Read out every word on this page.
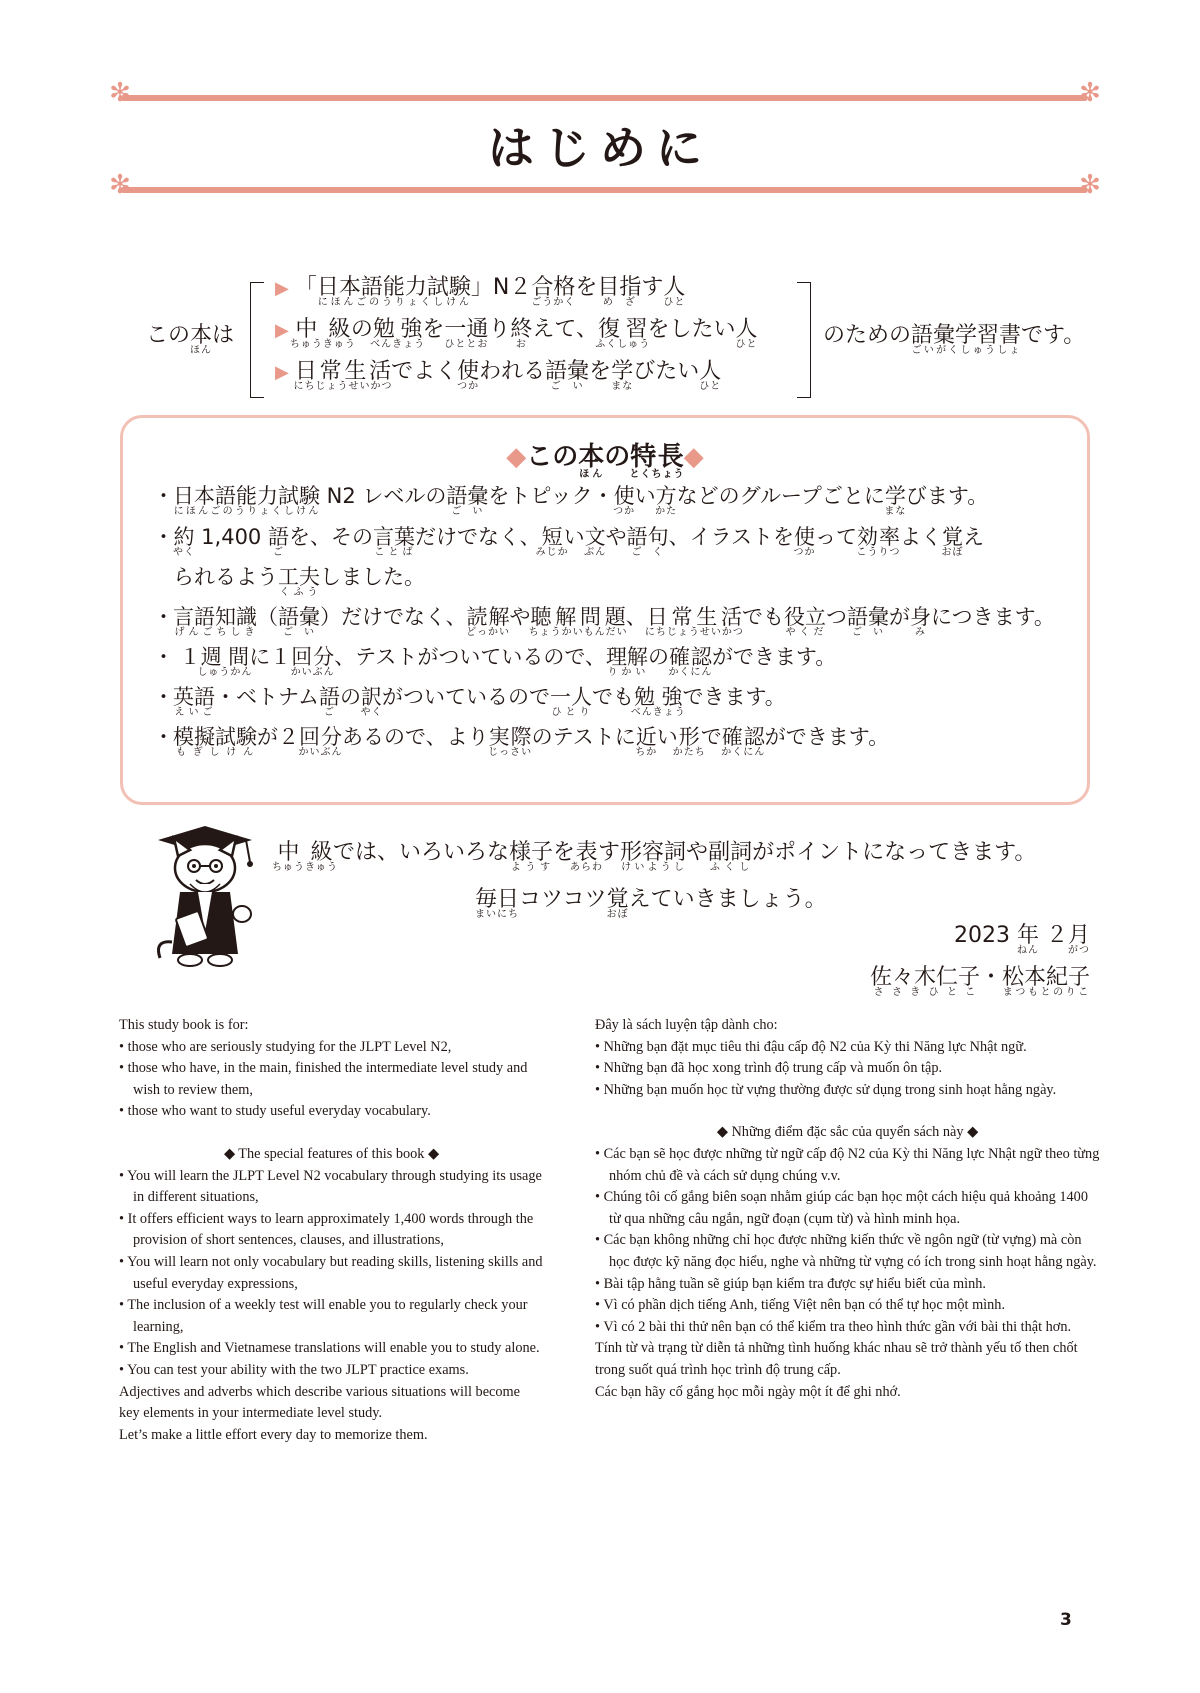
✻	✻
✻	✻
はじめに
この本ほんは
▶ 「日本語能力試験にほんごのうりょくしけん」N２合格ごうかくを目指めざす人ひと
▶中級ちゅうきゅうの勉強べんきょうを一通ひととおり終おえて、復習ふくしゅうをしたい人ひと
▶ 日常生活にちじょうせいかつでよく使つかわれる語彙ごいを学まなびたい人ひと
のための語彙学習書ごいがくしゅうしょです。
◆この本ほんの特長とくちょう◆
・日本語能力試験にほんごのうりょくしけん N2 レベルの語彙ごいをトピック・使つかい方かたなどのグループごとに学まなびます。
・約やく 1,400 語ごを、その言葉ことばだけでなく、短みじかい文ぶんや語句ごく、イラストを使つかって効率こうりつよく覚おぼえ
られるよう工夫くふうしました。
・言語知識げんごちしき（語彙ごい）だけでなく、読解どっかいや聴解問題ちょうかいもんだい、日常生活にちじょうせいかつでも役立やくだつ語彙ごいが身みにつきます。
・ １週間しゅうかんに１回分かいぶん、テストがついているので、理解りかいの確認かくにんができます。
・英語えいご・ベトナム語ごの訳やくがついているので一人ひとりでも勉強べんきょうできます。
・模擬試験もぎしけんが２回分かいぶんあるので、より実際じっさいのテストに近ちかい形かたちで確認かくにんができます。
中級ちゅうきゅうでは、いろいろな様子ようすを表あらわす形容詞けいようしや副詞ふくしがポイントになってきます。
毎日まいにちコツコツ覚おぼえていきましょう。
2023 年ねん ２月がつ
佐々木仁子ささきひとこ・松本紀子まつもとのりこ

This study book is for:

• those who are seriously studying for the JLPT Level N2,
• those who have, in the main, finished the intermediate level study and wish to review them,
• those who want to study useful everyday vocabulary.

◆ The special features of this book ◆

• You will learn the JLPT Level N2 vocabulary through studying its usage in different situations,
• It offers efficient ways to learn approximately 1,400 words through the provision of short sentences, clauses, and illustrations,
• You will learn not only vocabulary but reading skills, listening skills and useful everyday expressions,
• The inclusion of a weekly test will enable you to regularly check your learning,
• The English and Vietnamese translations will enable you to study alone.
• You can test your ability with the two JLPT practice exams.

Adjectives and adverbs which describe various situations will become key elements in your intermediate level study.

Let’s make a little effort every day to memorize them.

Đây là sách luyện tập dành cho:

• Những bạn đặt mục tiêu thi đậu cấp độ N2 của Kỳ thi Năng lực Nhật ngữ.
• Những bạn đã học xong trình độ trung cấp và muốn ôn tập.
• Những bạn muốn học từ vựng thường được sử dụng trong sinh hoạt hằng ngày.

◆ Những điểm đặc sắc của quyển sách này ◆

• Các bạn sẽ học được những từ ngữ cấp độ N2 của Kỳ thi Năng lực Nhật ngữ theo từng nhóm chủ đề và cách sử dụng chúng v.v.
• Chúng tôi cố gắng biên soạn nhằm giúp các bạn học một cách hiệu quả khoảng 1400 từ qua những câu ngắn, ngữ đoạn (cụm từ) và hình minh họa.
• Các bạn không những chỉ học được những kiến thức về ngôn ngữ (từ vựng) mà còn học được kỹ năng đọc hiểu, nghe và những từ vựng có ích trong sinh hoạt hằng ngày.
• Bài tập hằng tuần sẽ giúp bạn kiểm tra được sự hiểu biết của mình.
• Vì có phần dịch tiếng Anh, tiếng Việt nên bạn có thể tự học một mình.
• Vì có 2 bài thi thử nên bạn có thể kiểm tra theo hình thức gần với bài thi thật hơn.

Tính từ và trạng từ diễn tả những tình huống khác nhau sẽ trở thành yếu tố then chốt trong suốt quá trình học trình độ trung cấp.

Các bạn hãy cố gắng học mỗi ngày một ít để ghi nhớ.

3
